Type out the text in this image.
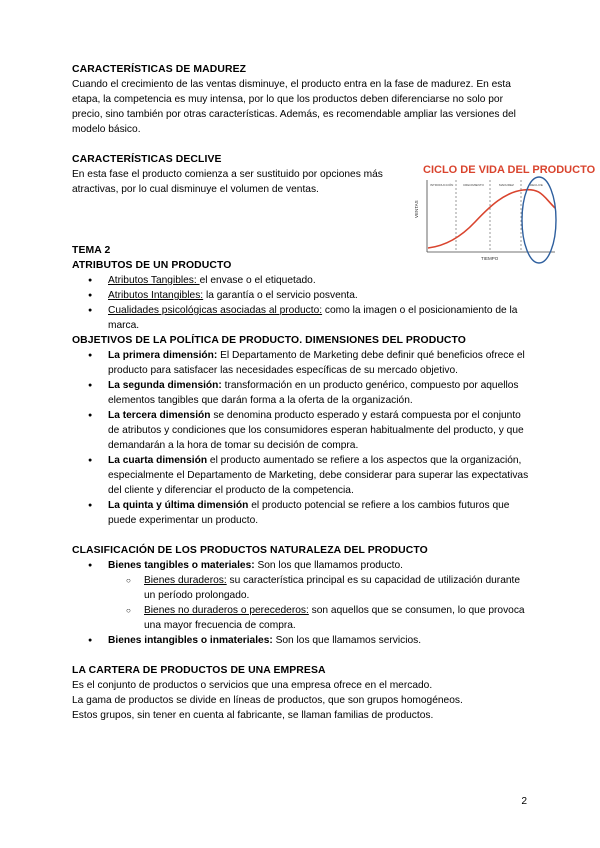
CARACTERÍSTICAS DE MADUREZ

Cuando el crecimiento de las ventas disminuye, el producto entra en la fase de madurez. En esta etapa, la competencia es muy intensa, por lo que los productos deben diferenciarse no solo por precio, sino también por otras características. Además, es recomendable ampliar las versiones del modelo básico.

CARACTERÍSTICAS DECLIVE

En esta fase el producto comienza a ser sustituido por opciones más atractivas, por lo cual disminuye el volumen de ventas.

TEMA 2
ATRIBUTOS DE UN PRODUCTO
● Atributos Tangibles: el envase o el etiquetado.
● Atributos Intangibles: la garantía o el servicio posventa.
● Cualidades psicológicas asociadas al producto: como la imagen o el posicionamiento de la marca.
OBJETIVOS DE LA POLÍTICA DE PRODUCTO. DIMENSIONES DEL PRODUCTO
● La primera dimensión: El Departamento de Marketing debe definir qué beneficios ofrece el producto para satisfacer las necesidades específicas de su mercado objetivo.
● La segunda dimensión: transformación en un producto genérico, compuesto por aquellos elementos tangibles que darán forma a la oferta de la organización.
● La tercera dimensión se denomina producto esperado y estará compuesta por el conjunto de atributos y condiciones que los consumidores esperan habitualmente del producto, y que demandarán a la hora de tomar su decisión de compra.
● La cuarta dimensión el producto aumentado se refiere a los aspectos que la organización, especialmente el Departamento de Marketing, debe considerar para superar las expectativas del cliente y diferenciar el producto de la competencia.
● La quinta y última dimensión el producto potencial se refiere a los cambios futuros que puede experimentar un producto.
CLASIFICACIÓN DE LOS PRODUCTOS NATURALEZA DEL PRODUCTO
● Bienes tangibles o materiales: Son los que llamamos producto.
○ Bienes duraderos: su característica principal es su capacidad de utilización durante un período prolongado.
○ Bienes no duraderos o perecederos: son aquellos que se consumen, lo que provoca una mayor frecuencia de compra.
● Bienes intangibles o inmateriales: Son los que llamamos servicios.
LA CARTERA DE PRODUCTOS DE UNA EMPRESA

Es el conjunto de productos o servicios que una empresa ofrece en el mercado.

La gama de productos se divide en líneas de productos, que son grupos homogéneos.

Estos grupos, sin tener en cuenta al fabricante, se llaman familias de productos.

CICLO DE VIDA DEL PRODUCTO
VENTAS
TIEMPO
INTRODUCCIÓN	CRECIMIENTO	MADUREZ	DECLIVE
2
